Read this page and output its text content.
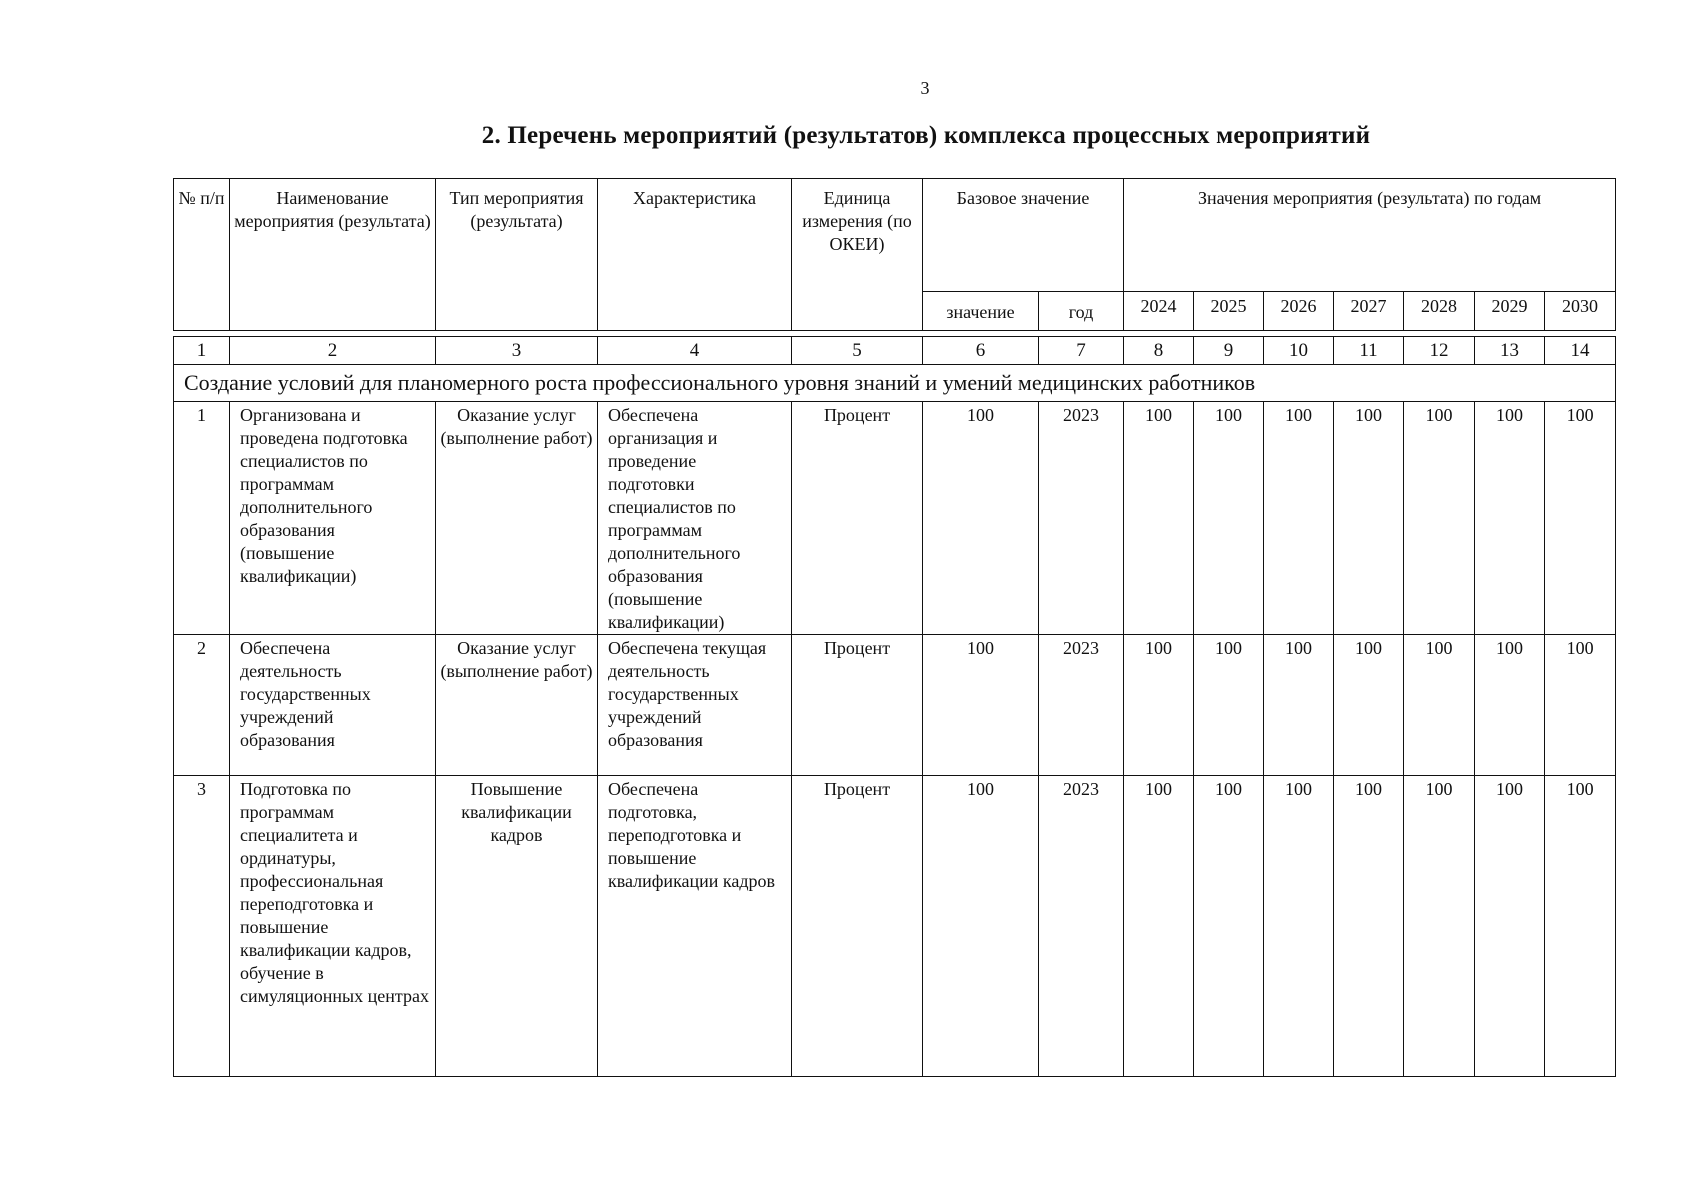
3
2. Перечень мероприятий (результатов) комплекса процессных мероприятий
№ п/п	Наименование мероприятия (результата)	Тип мероприятия (результата)	Характеристика	Единица измерения (по ОКЕИ)	Базовое значение		Значения мероприятия (результата) по годам						
					значение	год	2024	2025	2026	2027	2028	2029	2030
1	2	3	4	5	6	7	8	9	10	11	12	13	14
Создание условий для планомерного роста профессионального уровня знаний и умений медицинских работников													
1	Организована и проведена подготовка специалистов по программам дополнительного образования (повышение квалификации)	Оказание услуг (выполнение работ)	Обеспечена организация и проведение подготовки специалистов по программам дополнительного образования (повышение квалификации)	Процент	100	2023	100	100	100	100	100	100	100
2	Обеспечена деятельность государственных учреждений образования	Оказание услуг (выполнение работ)	Обеспечена текущая деятельность государственных учреждений образования	Процент	100	2023	100	100	100	100	100	100	100
3	Подготовка по программам специалитета и ординатуры, профессиональная переподготовка и повышение квалификации кадров, обучение в симуляционных центрах	Повышение квалификации кадров	Обеспечена подготовка, переподготовка и повышение квалификации кадров	Процент	100	2023	100	100	100	100	100	100	100
